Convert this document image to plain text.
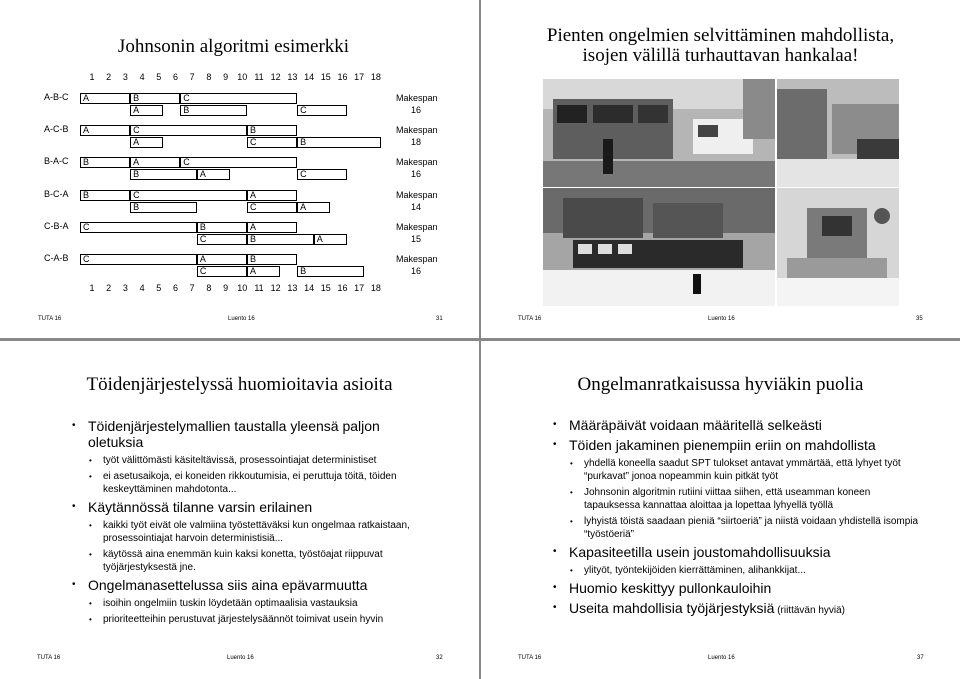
Johnsonin algoritmi esimerkki
1	2	3	4	5	6	7	8	9	10 11 12 13 14 15 16 17 18
A-B-C	Makespan
16
A	B	C
A	B	C
A-C-B	Makespan
18
A	C	B
A	C	B
B-A-C	Makespan
16
B	A	C
B	A	C
B-C-A	Makespan
14
B	C	A
B	C	A
C-B-A	Makespan
15
C	B	A
C	B	A
C-A-B	Makespan
16
C	A	B
C	A	B
1	2	3	4	5	6	7	8	9	10 11 12 13 14 15 16 17 18
TUTA 16	Luento 16	31
Pienten ongelmien selvittäminen mahdollista,
isojen välillä turhauttavan hankalaa!
TUTA 16	Luento 16	35
Töidenjärjestelyssä huomioitavia asioita
• Töidenjärjestelymallien taustalla yleensä paljon oletuksia
• työt välittömästi käsiteltävissä, prosessointiajat deterministiset
• ei asetusaikoja, ei koneiden rikkoutumisia, ei peruttuja töitä, töiden keskeyttäminen mahdotonta...
• Käytännössä tilanne varsin erilainen
• kaikki työt eivät ole valmiina työstettäväksi kun ongelmaa ratkaistaan, prosessointiajat harvoin deterministisiä...
• käytössä aina enemmän kuin kaksi konetta, työstöajat riippuvat työjärjestyksestä jne.
• Ongelmanasettelussa siis aina epävarmuutta
• isoihin ongelmiin tuskin löydetään optimaalisia vastauksia
• prioriteetteihin perustuvat järjestelysäännöt toimivat usein hyvin
TUTA 16	Luento 16	32
Ongelmanratkaisussa hyviäkin puolia
• Määräpäivät voidaan määritellä selkeästi
• Töiden jakaminen pienempiin eriin on mahdollista
• yhdellä koneella saadut SPT tulokset antavat ymmärtää, että lyhyet työt “purkavat” jonoa nopeammin kuin pitkät työt
• Johnsonin algoritmin rutiini viittaa siihen, että useamman koneen tapauksessa kannattaa aloittaa ja lopettaa lyhyellä työllä
• lyhyistä töistä saadaan pieniä “siirtoeriä” ja niistä voidaan yhdistellä isompia “työstöeriä”
• Kapasiteetilla usein joustomahdollisuuksia
• ylityöt, työntekijöiden kierrättäminen, alihankkijat...
• Huomio keskittyy pullonkauloihin
• Useita mahdollisia työjärjestyksiä (riittävän hyviä)
TUTA 16	Luento 16	37
